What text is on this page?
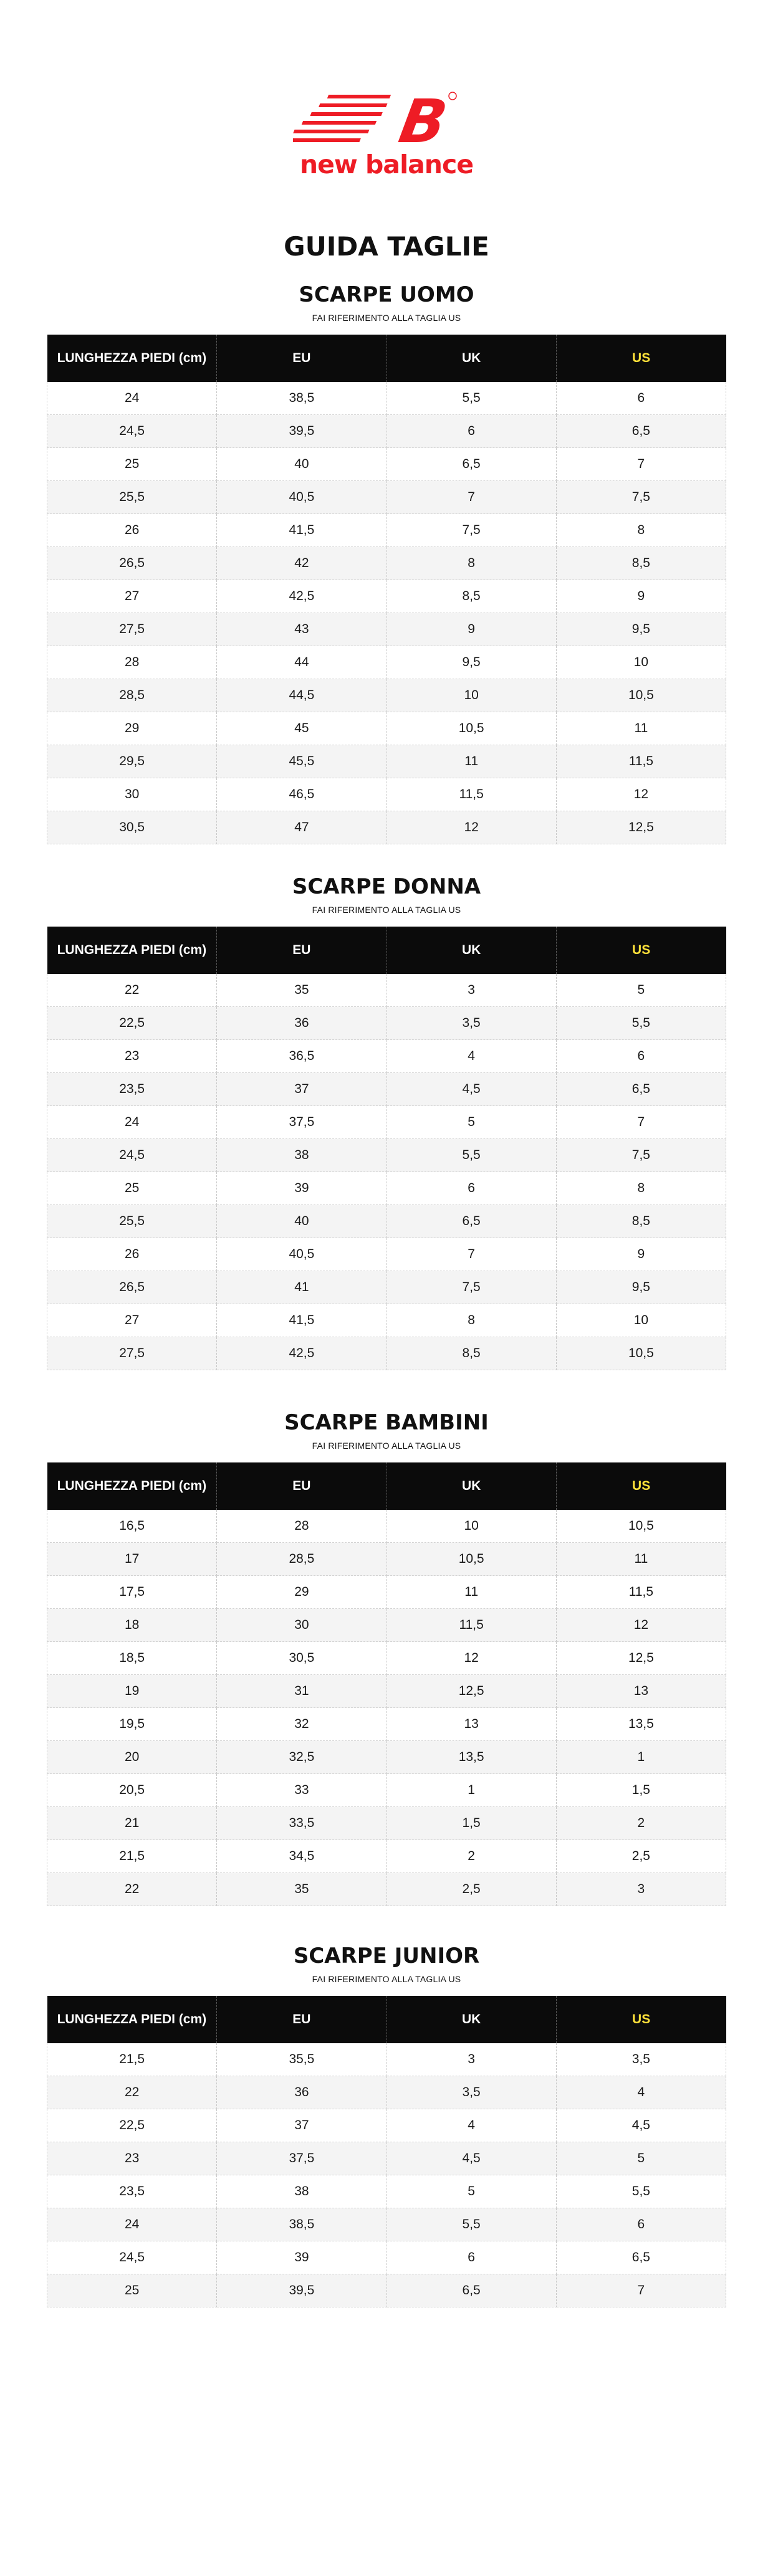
B
new balance
GUIDA TAGLIE
SCARPE UOMO
FAI RIFERIMENTO ALLA TAGLIA US
LUNGHEZZA PIEDI (cm)	EU	UK	US
24	38,5	5,5	6
24,5	39,5	6	6,5
25	40	6,5	7
25,5	40,5	7	7,5
26	41,5	7,5	8
26,5	42	8	8,5
27	42,5	8,5	9
27,5	43	9	9,5
28	44	9,5	10
28,5	44,5	10	10,5
29	45	10,5	11
29,5	45,5	11	11,5
30	46,5	11,5	12
30,5	47	12	12,5
SCARPE DONNA
FAI RIFERIMENTO ALLA TAGLIA US
LUNGHEZZA PIEDI (cm)	EU	UK	US
22	35	3	5
22,5	36	3,5	5,5
23	36,5	4	6
23,5	37	4,5	6,5
24	37,5	5	7
24,5	38	5,5	7,5
25	39	6	8
25,5	40	6,5	8,5
26	40,5	7	9
26,5	41	7,5	9,5
27	41,5	8	10
27,5	42,5	8,5	10,5
SCARPE BAMBINI
FAI RIFERIMENTO ALLA TAGLIA US
LUNGHEZZA PIEDI (cm)	EU	UK	US
16,5	28	10	10,5
17	28,5	10,5	11
17,5	29	11	11,5
18	30	11,5	12
18,5	30,5	12	12,5
19	31	12,5	13
19,5	32	13	13,5
20	32,5	13,5	1
20,5	33	1	1,5
21	33,5	1,5	2
21,5	34,5	2	2,5
22	35	2,5	3
SCARPE JUNIOR
FAI RIFERIMENTO ALLA TAGLIA US
LUNGHEZZA PIEDI (cm)	EU	UK	US
21,5	35,5	3	3,5
22	36	3,5	4
22,5	37	4	4,5
23	37,5	4,5	5
23,5	38	5	5,5
24	38,5	5,5	6
24,5	39	6	6,5
25	39,5	6,5	7
